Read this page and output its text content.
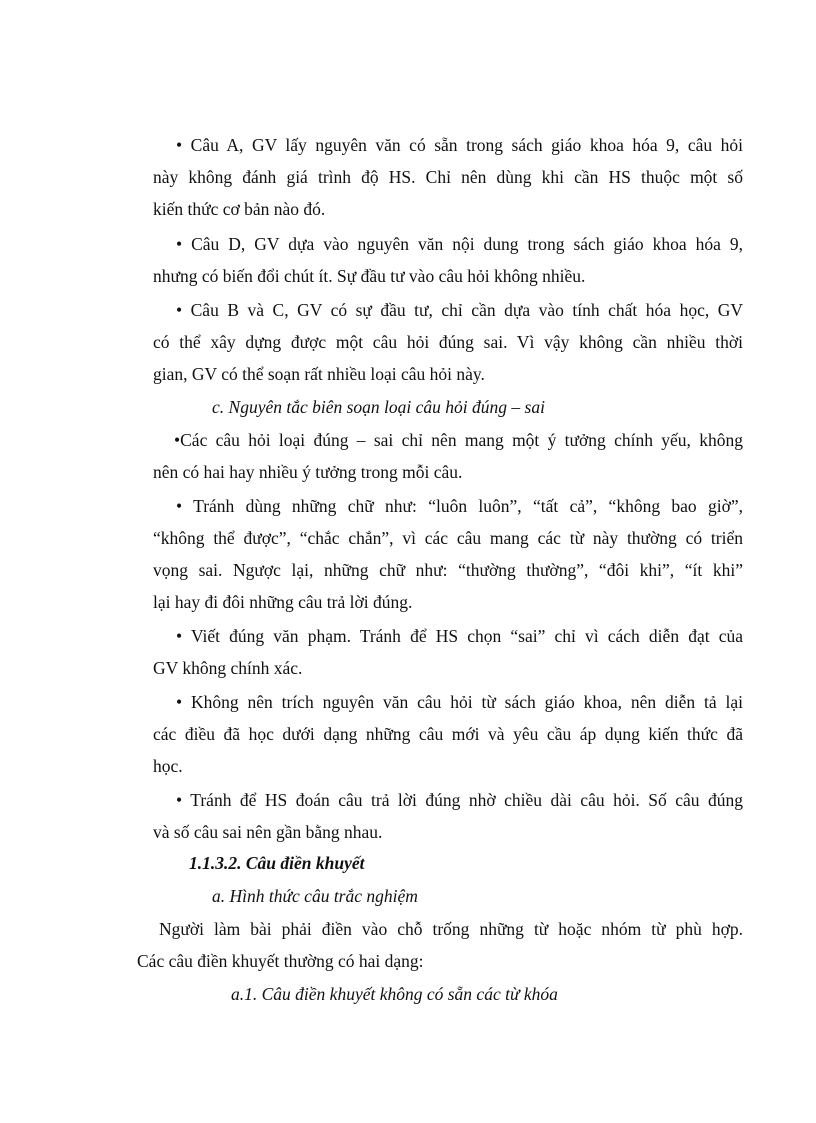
• Câu A, GV lấy nguyên văn có sẵn trong sách giáo khoa hóa 9, câu hỏi
này không đánh giá trình độ HS. Chỉ nên dùng khi cần HS thuộc một số
kiến thức cơ bản nào đó.
• Câu D, GV dựa vào nguyên văn nội dung trong sách giáo khoa hóa 9,
nhưng có biến đổi chút ít. Sự đầu tư vào câu hỏi không nhiều.
• Câu B và C, GV có sự đầu tư, chỉ cần dựa vào tính chất hóa học, GV
có thể xây dựng được một câu hỏi đúng sai. Vì vậy không cần nhiều thời
gian, GV có thể soạn rất nhiều loại câu hỏi này.
c. Nguyên tắc biên soạn loại câu hỏi đúng – sai
•Các câu hỏi loại đúng – sai chỉ nên mang một ý tưởng chính yếu, không
nên có hai hay nhiều ý tưởng trong mỗi câu.
• Tránh dùng những chữ như: “luôn luôn”, “tất cả”, “không bao giờ”,
“không thể được”, “chắc chắn”, vì các câu mang các từ này thường có triển
vọng sai. Ngược lại, những chữ như: “thường thường”, “đôi khi”, “ít khi”
lại hay đi đôi những câu trả lời đúng.
• Viết đúng văn phạm. Tránh để HS chọn “sai” chỉ vì cách diễn đạt của
GV không chính xác.
• Không nên trích nguyên văn câu hỏi từ sách giáo khoa, nên diễn tả lại
các điều đã học dưới dạng những câu mới và yêu cầu áp dụng kiến thức đã
học.
• Tránh để HS đoán câu trả lời đúng nhờ chiều dài câu hỏi. Số câu đúng
và số câu sai nên gần bằng nhau.
1.1.3.2. Câu điền khuyết
a. Hình thức câu trắc nghiệm
Người làm bài phải điền vào chỗ trống những từ hoặc nhóm từ phù hợp.
Các câu điền khuyết thường có hai dạng:
a.1. Câu điền khuyết không có sẵn các từ khóa
